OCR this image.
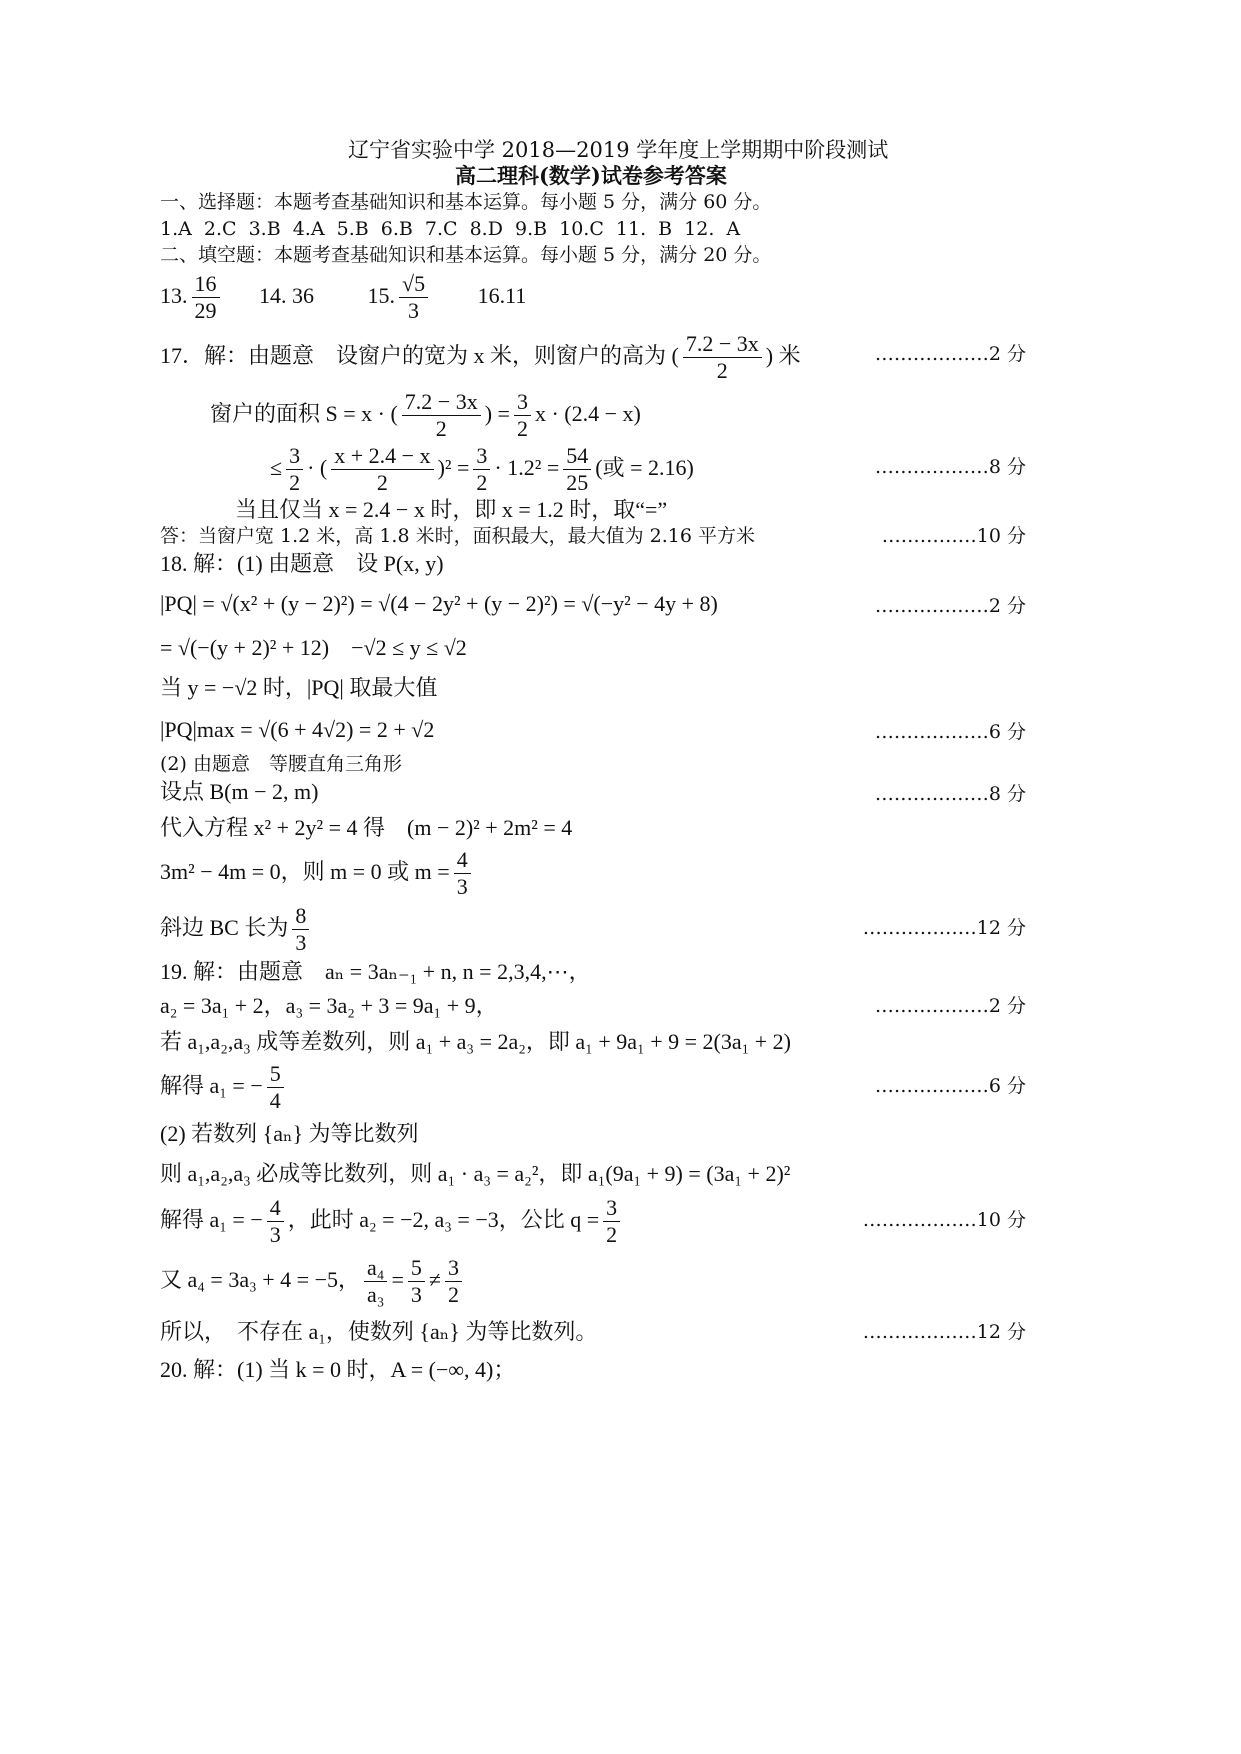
辽宁省实验中学 2018—2019 学年度上学期期中阶段测试
高二理科(数学)试卷参考答案
一、选择题：本题考查基础知识和基本运算。每小题 5 分，满分 60 分。
1.A 2.C 3.B 4.A 5.B 6.B 7.C 8.D 9.B 10.C 11. B 12. A
二、填空题：本题考查基础知识和基本运算。每小题 5 分，满分 20 分。
13. $\frac{16}{29} 14$. 36 15. $\frac{√5}{3} 16.11$
17．解：由题意　设窗户的宽为 x 米，则窗户的高为 ( $\frac{7.2 - 3x}{2}$ ) 米	………………2 分
窗户的面积 S = x · ( $\frac{7.2 - 3x}{2}$ ) = $\frac{3}{2}$ x · (2.4 − x)
≤ $\frac{3}{2}$ · ( $\frac{x + 2.4 - x}{2} )^2 = \frac{3}{2} \cdot 1.2^2 = \frac{54}{25}$ (或 = 2.16)	………………8 分
当且仅当 x = 2.4 − x 时，即 x = 1.2 时，取“=”
答：当窗户宽 1.2 米，高 1.8 米时，面积最大，最大值为 2.16 平方米	……………10 分
18. 解：(1) 由题意　设 P(x, y)
|PQ| = √(x² + (y − 2)²) = √(4 − 2y² + (y − 2)²) = √(−y² − 4y + 8)	………………2 分
= √(−(y + 2)² + 12)　−√2 ≤ y ≤ √2
当 y = −√2 时，|PQ| 取最大值
|PQ|max = √(6 + 4√2) = 2 + √2	………………6 分
(2) 由题意　等腰直角三角形
设点 B(m − 2, m)	………………8 分
代入方程 x² + 2y² = 4 得　(m − 2)² + 2m² = 4
3m² − 4m = 0，则 m = 0 或 $m = \frac{4}{3}$
斜边 BC 长为 $\frac{8}{3}$	………………12 分
19. 解：由题意　aₙ = 3aₙ₋₁ + n, n = 2,3,4,⋯，
a₂ = 3a₁ + 2，a₃ = 3a₂ + 3 = 9a₁ + 9，	………………2 分
若 a₁,a₂,a₃ 成等差数列，则 a₁ + a₃ = 2a₂，即 a₁ + 9a₁ + 9 = 2(3a₁ + 2)
解得 a₁ = − $\frac{5}{4}$	………………6 分
(2) 若数列 {aₙ} 为等比数列
则 a₁,a₂,a₃ 必成等比数列，则 a₁ · a₃ = a₂²，即 a₁(9a₁ + 9) = (3a₁ + 2)²
解得 a₁ = − $\frac{4}{3}$ ，此时 a₂ = −2, a₃ = −3，公比 $q = \frac{3}{2}$	………………10 分
又 a₄ = 3a₃ + 4 = −5， $\frac{\text{a₄}}{\text{a₃}} = \frac{5}{3} \ne \frac{3}{2}$
所以，　不存在 a₁，使数列 {aₙ} 为等比数列。	………………12 分
20. 解：(1) 当 k = 0 时，A = (−∞, 4)；
